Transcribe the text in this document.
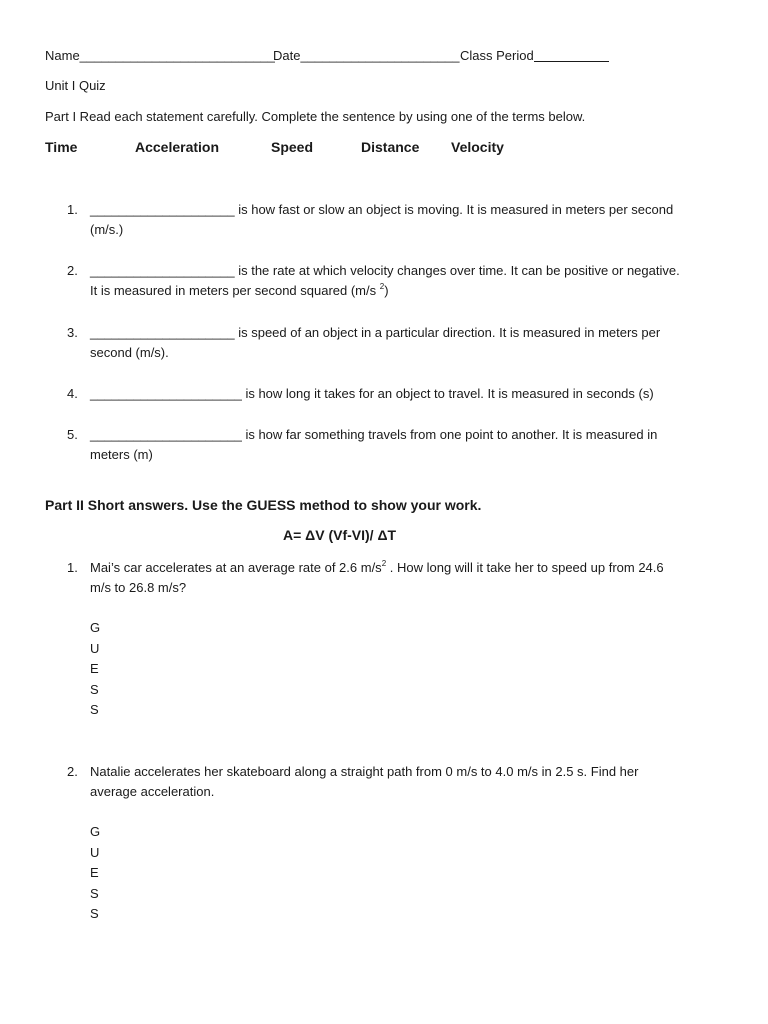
Name___________________________
Date______________________ Class Period
Unit I Quiz
Part I Read each statement carefully. Complete the sentence by using one of the terms below.
Time	Acceleration	Speed	Distance Velocity
1. ____________________ is how fast or slow an object is moving. It is measured in meters per second
(m/s.)
2. ____________________ is the rate at which velocity changes over time. It can be positive or negative.
It is measured in meters per second squared (m/s $^2$)
3. ____________________ is speed of an object in a particular direction. It is measured in meters per
second (m/s).
4. _____________________ is how long it takes for an object to travel. It is measured in seconds (s)
5. _____________________ is how far something travels from one point to another. It is measured in
meters (m)
Part II Short answers. Use the GUESS method to show your work.
A= ΔV (Vf-VI)/ ΔT
1. Mai’s car accelerates at an average rate of 2.6 $m/s^2$ . How long will it take her to speed up from 24.6
m/s to 26.8 m/s?
G
U
E
S
S
2. Natalie accelerates her skateboard along a straight path from 0 m/s to 4.0 m/s in 2.5 s. Find her
average acceleration.
G
U
E
S
S
